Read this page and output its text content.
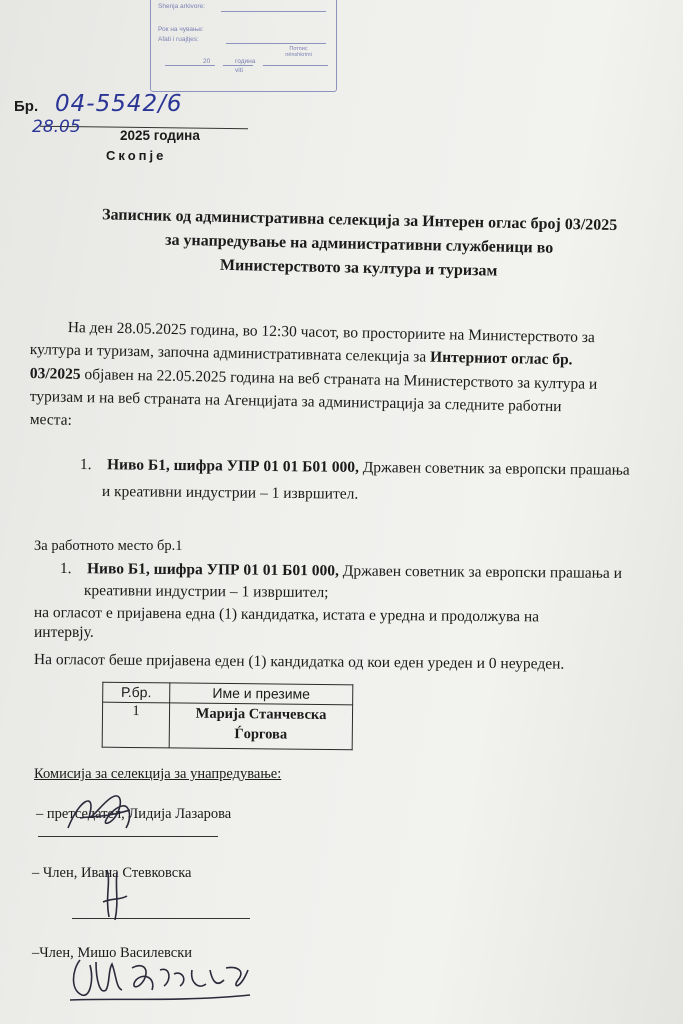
Shenja arkivore:
Рок на чување:
Afati i ruajtjes:
20	година
viti
Потпис nënshkrimi
Бр. 04-5542/6
28.05	2025 година
Скопје
Записник од административна селекција за Интерен оглас број 03/2025
за унапредување на административни службеници во
Министерството за култура и туризам
На ден 28.05.2025 година, во 12:30 часот, во просториите на Министерството за
култура и туризам, започна административната селекција за Интерниот оглас бр.
03/2025 објавен на 22.05.2025 година на веб страната на Министерството за култура и
туризам и на веб страната на Агенцијата за администрација за следните работни
места:
1. Ниво Б1, шифра УПР 01 01 Б01 000, Државен советник за европски прашања
и креативни индустрии – 1 извршител.
За работното место бр.1
1. Ниво Б1, шифра УПР 01 01 Б01 000, Државен советник за европски прашања и
креативни индустрии – 1 извршител;
на огласот е пријавена една (1) кандидатка, истата е уредна и продолжува на
интервју.
На огласот беше пријавена еден (1) кандидатка од кои еден уреден и 0 неуреден.
Р.бр.	Име и презиме
1	Марија Станчевска Ѓоргова
Комисија за селекција за унапредување:
– претседател, Лидија Лазарова
– Член, Ивана Стевковска
–Член, Мишо Василевски
